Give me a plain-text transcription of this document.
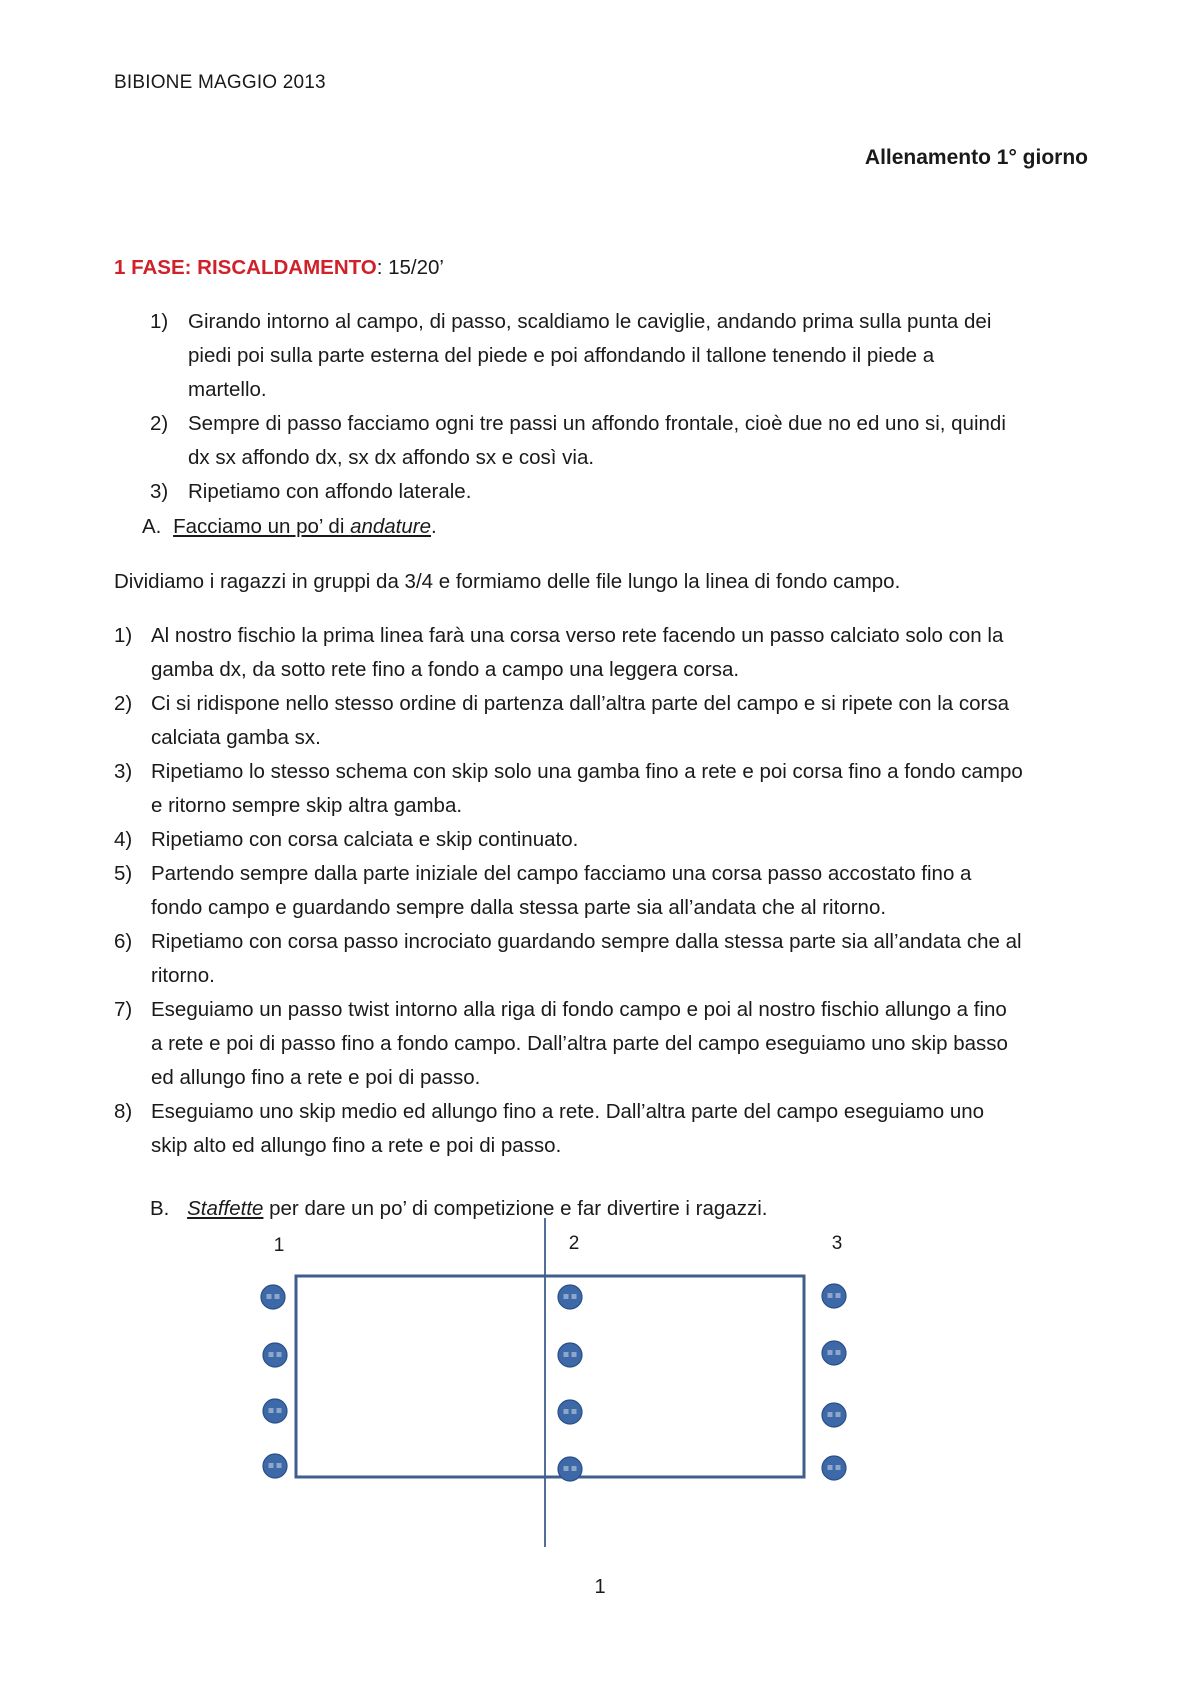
BIBIONE MAGGIO 2013
Allenamento 1° giorno
1 FASE: RISCALDAMENTO: 15/20’
1) Girando intorno al campo, di passo, scaldiamo le caviglie, andando prima sulla punta dei
piedi poi sulla parte esterna del piede e poi affondando il tallone tenendo il piede a
martello.
2) Sempre di passo facciamo ogni tre passi un affondo frontale, cioè due no ed uno si, quindi
dx sx affondo dx, sx dx affondo sx e così via.
3) Ripetiamo con affondo laterale.
A. Facciamo un po’ di andature.
Dividiamo i ragazzi in gruppi da 3/4 e formiamo delle file lungo la linea di fondo campo.
1) Al nostro fischio la prima linea farà una corsa verso rete facendo un passo calciato solo con la
gamba dx, da sotto rete fino a fondo a campo una leggera corsa.
2) Ci si ridispone nello stesso ordine di partenza dall’altra parte del campo e si ripete con la corsa
calciata gamba sx.
3) Ripetiamo lo stesso schema con skip solo una gamba fino a rete e poi corsa fino a fondo campo
e ritorno sempre skip altra gamba.
4) Ripetiamo con corsa calciata e skip continuato.
5) Partendo sempre dalla parte iniziale del campo facciamo una corsa passo accostato fino a
fondo campo e guardando sempre dalla stessa parte sia all’andata che al ritorno.
6) Ripetiamo con corsa passo incrociato guardando sempre dalla stessa parte sia all’andata che al
ritorno.
7) Eseguiamo un passo twist intorno alla riga di fondo campo e poi al nostro fischio allungo a fino
a rete e poi di passo fino a fondo campo. Dall’altra parte del campo eseguiamo uno skip basso
ed allungo fino a rete e poi di passo.
8) Eseguiamo uno skip medio ed allungo fino a rete. Dall’altra parte del campo eseguiamo uno
skip alto ed allungo fino a rete e poi di passo.
B. Staffette per dare un po’ di competizione e far divertire i ragazzi.
1	2	3
1
